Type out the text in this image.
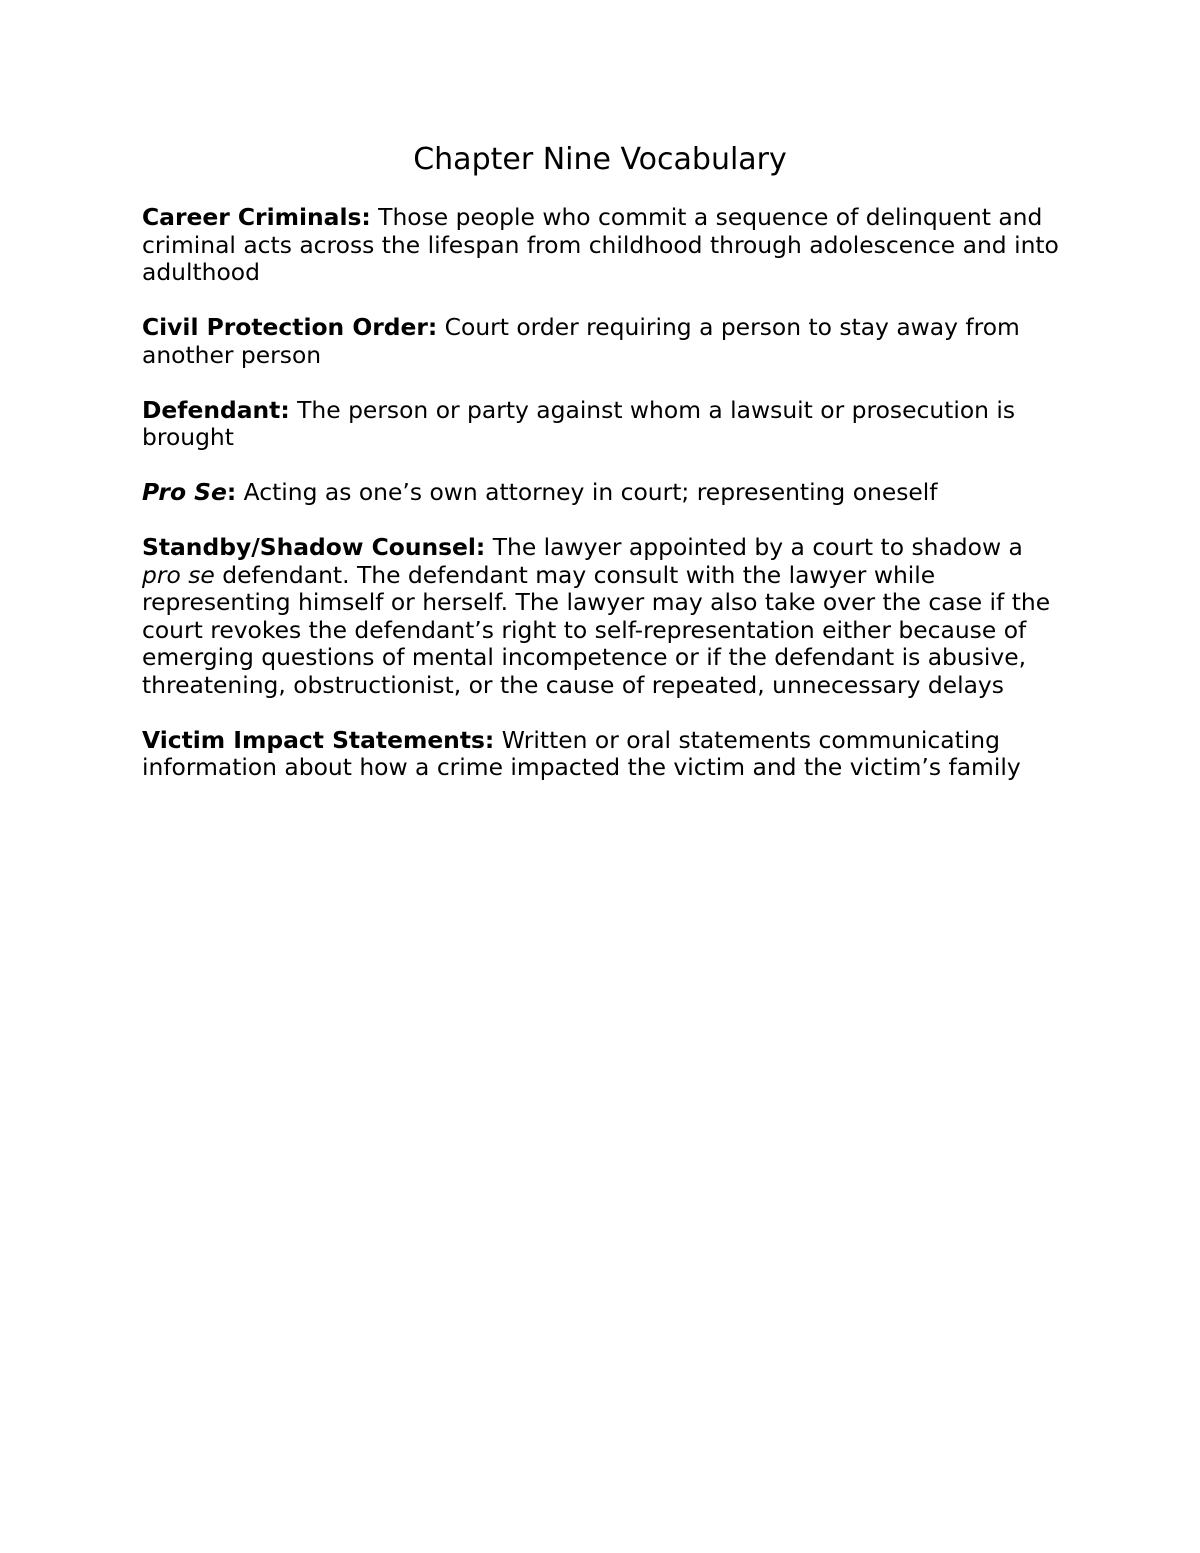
Chapter Nine Vocabulary

Career Criminals: Those people who commit a sequence of delinquent and criminal acts across the lifespan from childhood through adolescence and into adulthood

Civil Protection Order: Court order requiring a person to stay away from another person

Defendant: The person or party against whom a lawsuit or prosecution is brought

Pro Se: Acting as one’s own attorney in court; representing oneself

Standby/Shadow Counsel: The lawyer appointed by a court to shadow a pro se defendant. The defendant may consult with the lawyer while representing himself or herself. The lawyer may also take over the case if the court revokes the defendant’s right to self-representation either because of emerging questions of mental incompetence or if the defendant is abusive, threatening, obstructionist, or the cause of repeated, unnecessary delays

Victim Impact Statements: Written or oral statements communicating information about how a crime impacted the victim and the victim’s family
